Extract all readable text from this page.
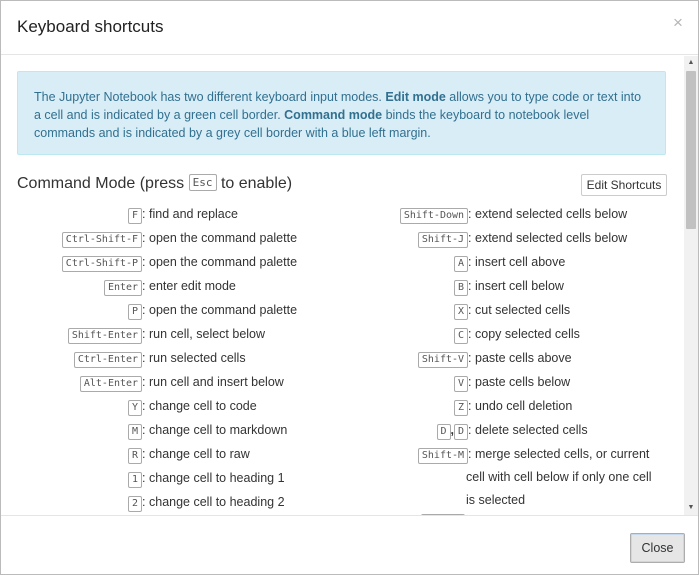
Keyboard shortcuts	×
The Jupyter Notebook has two different keyboard input modes. Edit mode allows you to type code or text into a cell and is indicated by a green cell border. Command mode binds the keyboard to notebook level commands and is indicated by a grey cell border with a blue left margin.
Command Mode (press Esc to enable)	Edit Shortcuts
F : find and replace
Ctrl-Shift-F : open the command palette
Ctrl-Shift-P : open the command palette
Enter : enter edit mode
P : open the command palette
Shift-Enter : run cell, select below
Ctrl-Enter : run selected cells
Alt-Enter : run cell and insert below
Y : change cell to code
M : change cell to markdown
R : change cell to raw
1 : change cell to heading 1
2 : change cell to heading 2
Shift-Down : extend selected cells below
Shift-J : extend selected cells below
A : insert cell above
B : insert cell below
X : cut selected cells
C : copy selected cells
Shift-V : paste cells above
V : paste cells below
Z : undo cell deletion
D , D : delete selected cells
Shift-M : merge selected cells, or current
cell with cell below if only one cell
is selected
▲
▼
Close
